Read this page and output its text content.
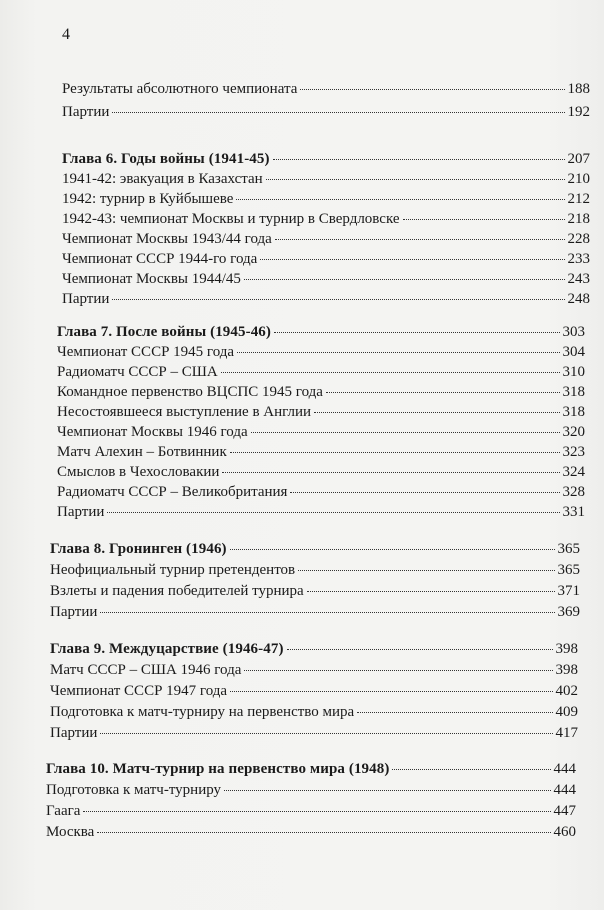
4
Результаты абсолютного чемпионата	188
Партии	192
Глава 6. Годы войны (1941-45)	207
1941-42: эвакуация в Казахстан	210
1942: турнир в Куйбышеве	212
1942-43: чемпионат Москвы и турнир в Свердловске	218
Чемпионат Москвы 1943/44 года	228
Чемпионат СССР 1944-го года	233
Чемпионат Москвы 1944/45	243
Партии	248
Глава 7. После войны (1945-46)	303
Чемпионат СССР 1945 года	304
Радиоматч СССР – США	310
Командное первенство ВЦСПС 1945 года	318
Несостоявшееся выступление в Англии	318
Чемпионат Москвы 1946 года	320
Матч Алехин – Ботвинник	323
Смыслов в Чехословакии	324
Радиоматч СССР – Великобритания	328
Партии	331
Глава 8. Гронинген (1946)	365
Неофициальный турнир претендентов	365
Взлеты и падения победителей турнира	371
Партии	369
Глава 9. Междуцарствие (1946-47)	398
Матч СССР – США 1946 года	398
Чемпионат СССР 1947 года	402
Подготовка к матч-турниру на первенство мира	409
Партии	417
Глава 10. Матч-турнир на первенство мира (1948)	444
Подготовка к матч-турниру	444
Гаага	447
Москва	460
